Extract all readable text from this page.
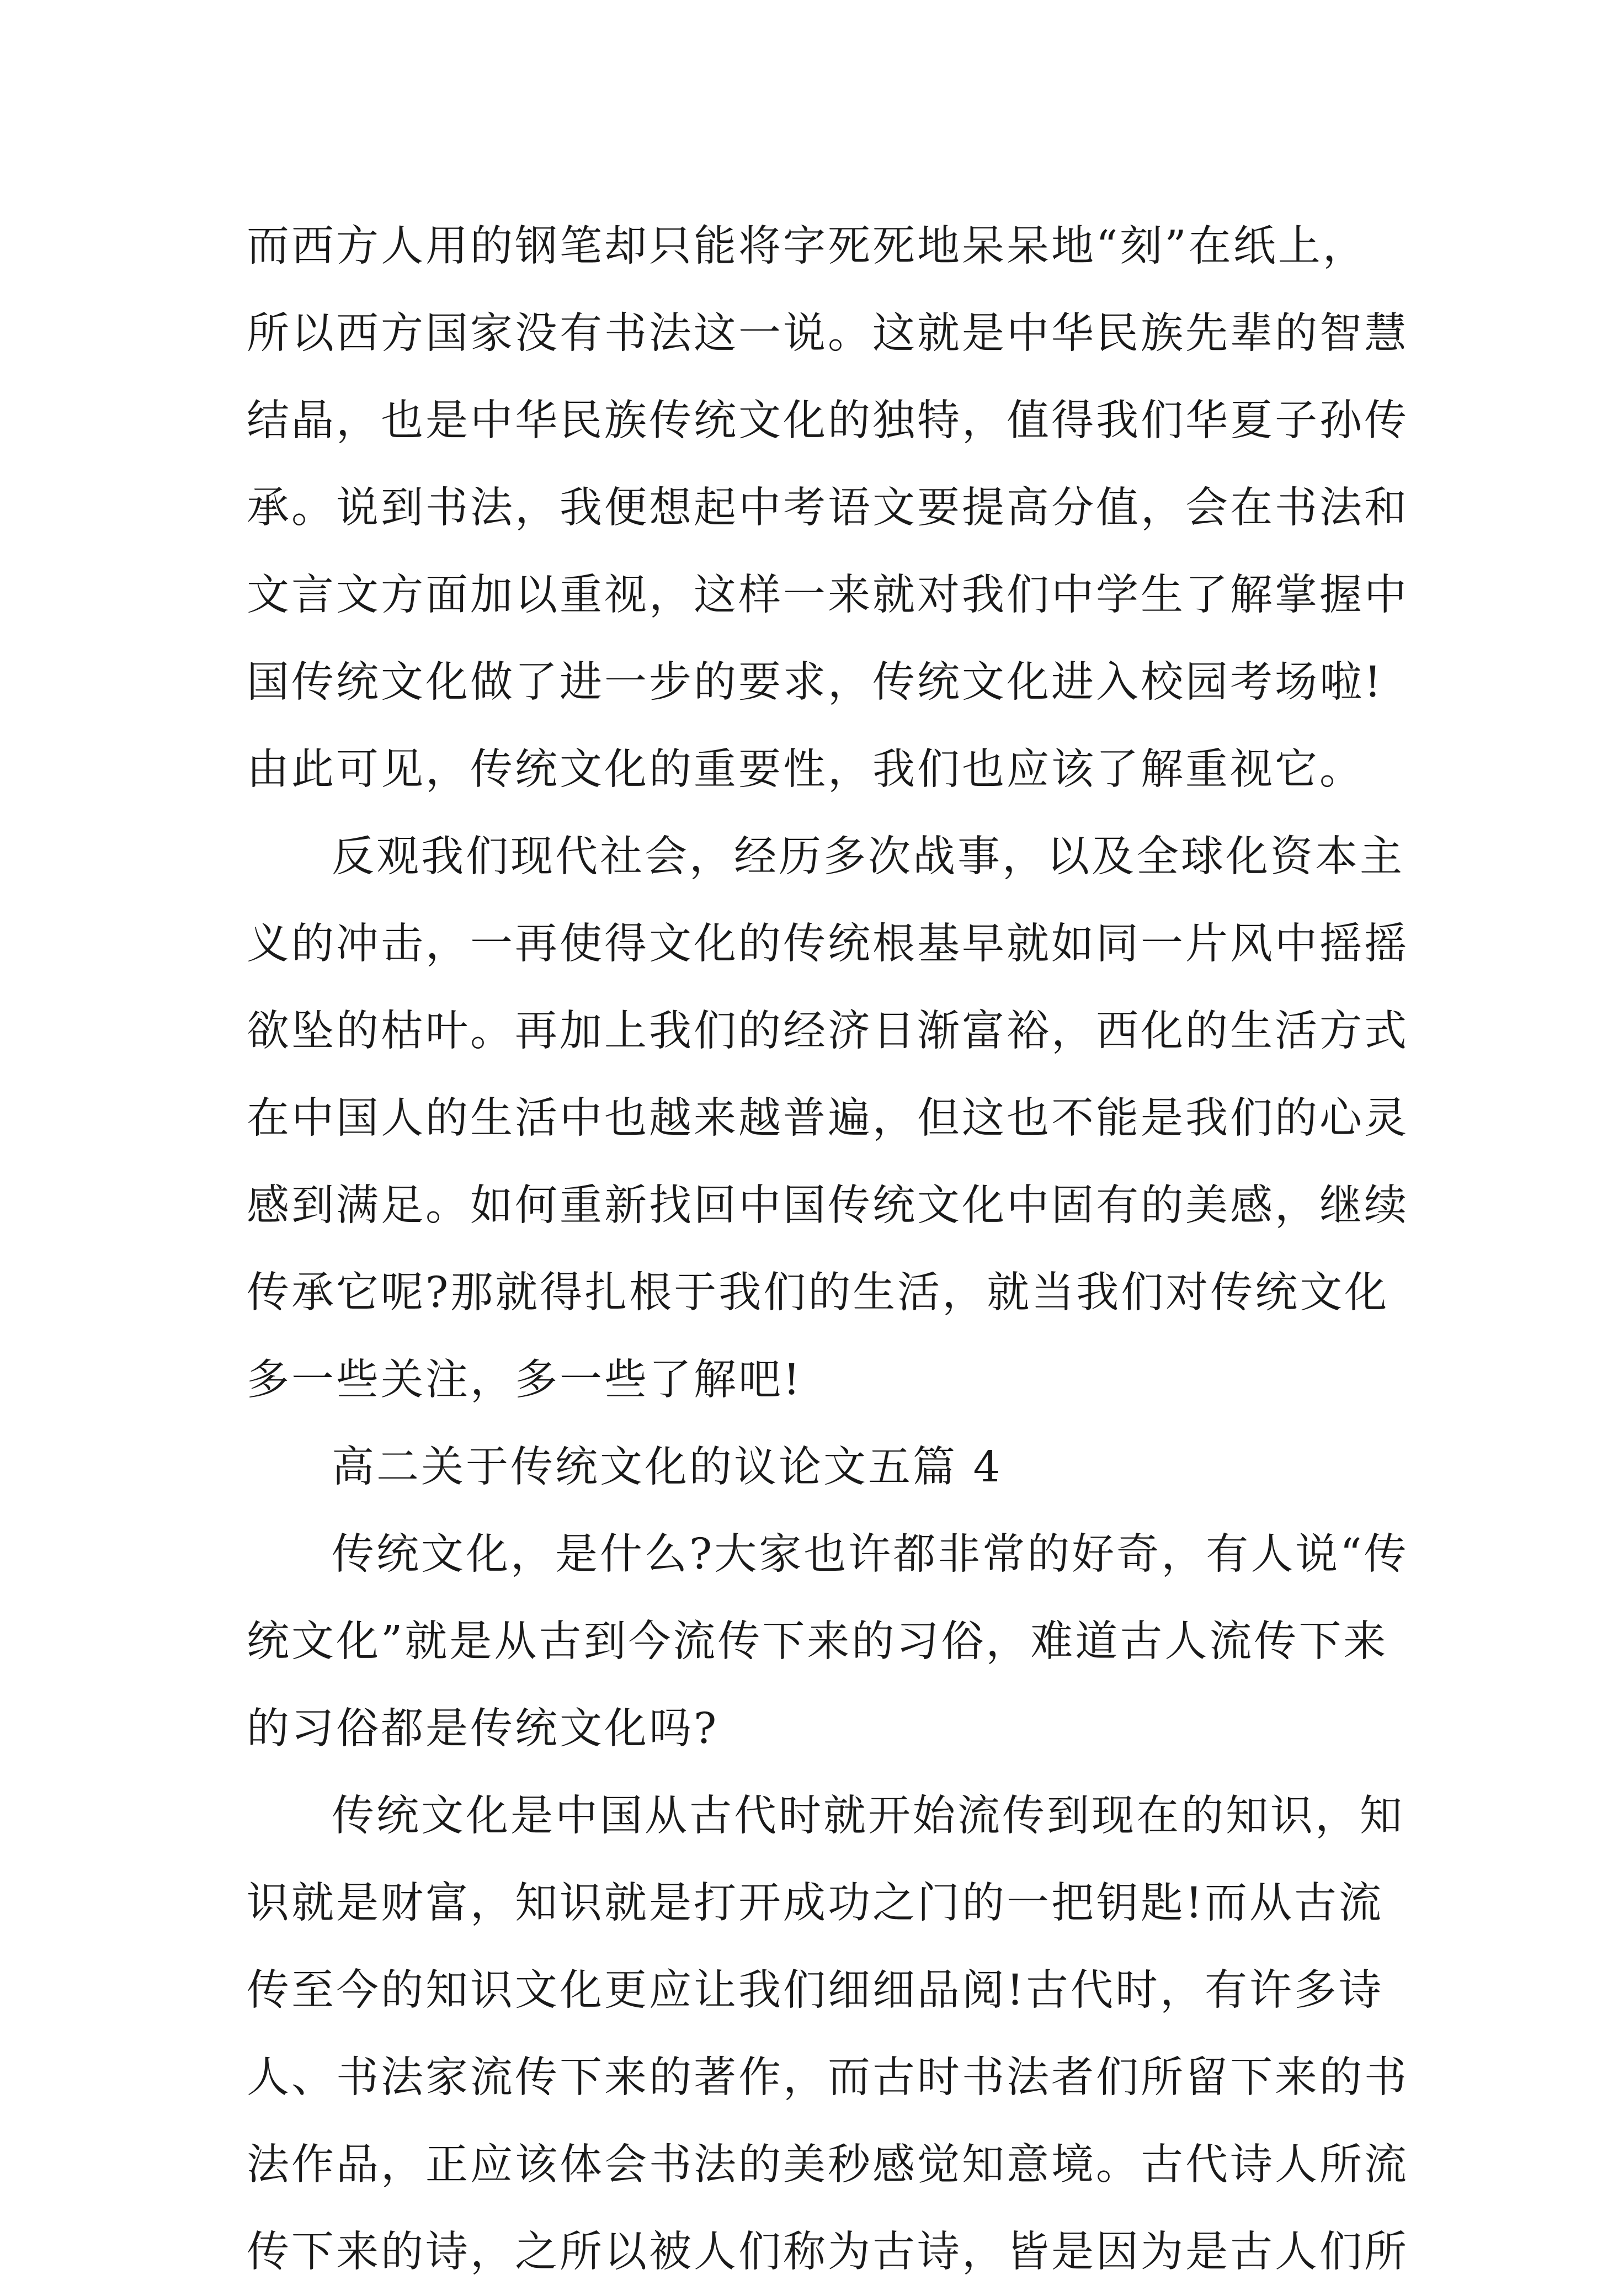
而西方人用的钢笔却只能将字死死地呆呆地“刻”在纸上，
所以西方国家没有书法这一说。这就是中华民族先辈的智慧
结晶，也是中华民族传统文化的独特，值得我们华夏子孙传
承。说到书法，我便想起中考语文要提高分值，会在书法和
文言文方面加以重视，这样一来就对我们中学生了解掌握中
国传统文化做了进一步的要求，传统文化进入校园考场啦!
由此可见，传统文化的重要性，我们也应该了解重视它。
反观我们现代社会，经历多次战事，以及全球化资本主
义的冲击，一再使得文化的传统根基早就如同一片风中摇摇
欲坠的枯叶。再加上我们的经济日渐富裕，西化的生活方式
在中国人的生活中也越来越普遍，但这也不能是我们的心灵
感到满足。如何重新找回中国传统文化中固有的美感，继续
传承它呢?那就得扎根于我们的生活，就当我们对传统文化
多一些关注，多一些了解吧!
高二关于传统文化的议论文五篇 4
传统文化，是什么?大家也许都非常的好奇，有人说“传
统文化”就是从古到今流传下来的习俗，难道古人流传下来
的习俗都是传统文化吗?
传统文化是中国从古代时就开始流传到现在的知识，知
识就是财富，知识就是打开成功之门的一把钥匙!而从古流
传至今的知识文化更应让我们细细品阅!古代时，有许多诗
人、书法家流传下来的著作，而古时书法者们所留下来的书
法作品，正应该体会书法的美秒感觉知意境。古代诗人所流
传下来的诗，之所以被人们称为古诗，皆是因为是古人们所
